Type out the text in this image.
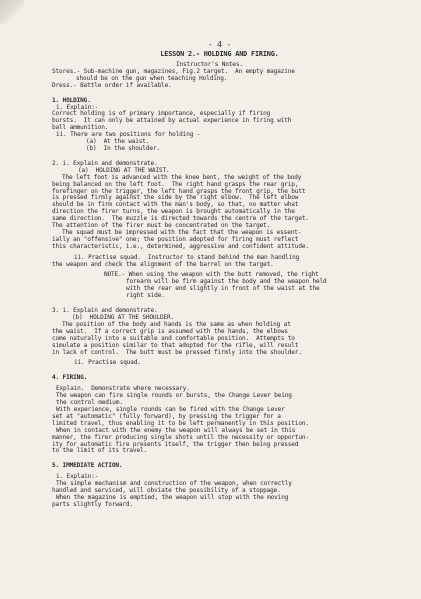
- 4 -

LESSON 2.- HOLDING AND FIRING.

Instructor's Notes.

Stores.- Sub-machine gun, magazines, Fig.2 target.  An empty magazine

should be on the gun when teaching Holding.

Dress.- Battle order if available.

1. HOLDING.

i. Explain:-

Correct holding is of primary importance, especially if firing

bursts.  It can only be attained by actual experience in firing with

ball ammunition.

ii. There are two positions for holding -

(a)  At the waist.

(b)  In the shoulder.

2. i. Explain and demonstrate.

(a)  HOLDING AT THE WAIST.

The left foot is advanced with the knee bent, the weight of the body

being balanced on the left foot.  The right hand grasps the rear grip,

forefinger on the trigger, the left hand grasps the front grip, the butt

is pressed firmly against the side by the right elbow.  The left elbow

should be in firm contact with the man's body, so that, no matter what

direction the firer turns, the weapon is brought automatically in the

same direction.  The muzzle is directed towards the centre of the target.

The attention of the firer must be concentrated on the target.

The squad must be impressed with the fact that the weapon is essent-

ially an "offensive" one; the position adopted for firing must reflect

this characteristic, i.e., determined, aggressive and confident attitude.

ii. Practise squad.  Instructor to stand behind the man handling

the weapon and check the alignment of the barrel on the target.

NOTE.- When using the weapon with the butt removed, the right

forearm will be firm against the body and the weapon held

with the rear end slightly in front of the waist at the

right side.

3. i. Explain and demonstrate.

(b)  HOLDING AT THE SHOULDER.

The position of the body and hands is the same as when holding at

the waist.  If a correct grip is assumed with the hands, the elbows

come naturally into a suitable and comfortable position.  Attempts to

simulate a position similar to that adopted for the rifle, will result

in lack of control.  The butt must be pressed firmly into the shoulder.

ii. Practise squad.

4. FIRING.

Explain.  Demonstrate where necessary.

The weapon can fire single rounds or bursts, the Change Lever being

the control medium.

With experience, single rounds can be fired with the Change Lever

set at "automatic" (fully forward), by pressing the trigger for a

limited travel, thus enabling it to be left permanently in this position.

When in contact with the enemy the weapon will always be set in this

manner, the firer producing single shots until the necessity or opportun-

ity for automatic fire presents itself, the trigger then being pressed

to the limit of its travel.

5. IMMEDIATE ACTION.

i. Explain:-

The simple mechanism and construction of the weapon, when correctly

handled and serviced, will obviate the possibility of a stoppage.

When the magazine is emptied, the weapon will stop with the moving

parts slightly forward.
